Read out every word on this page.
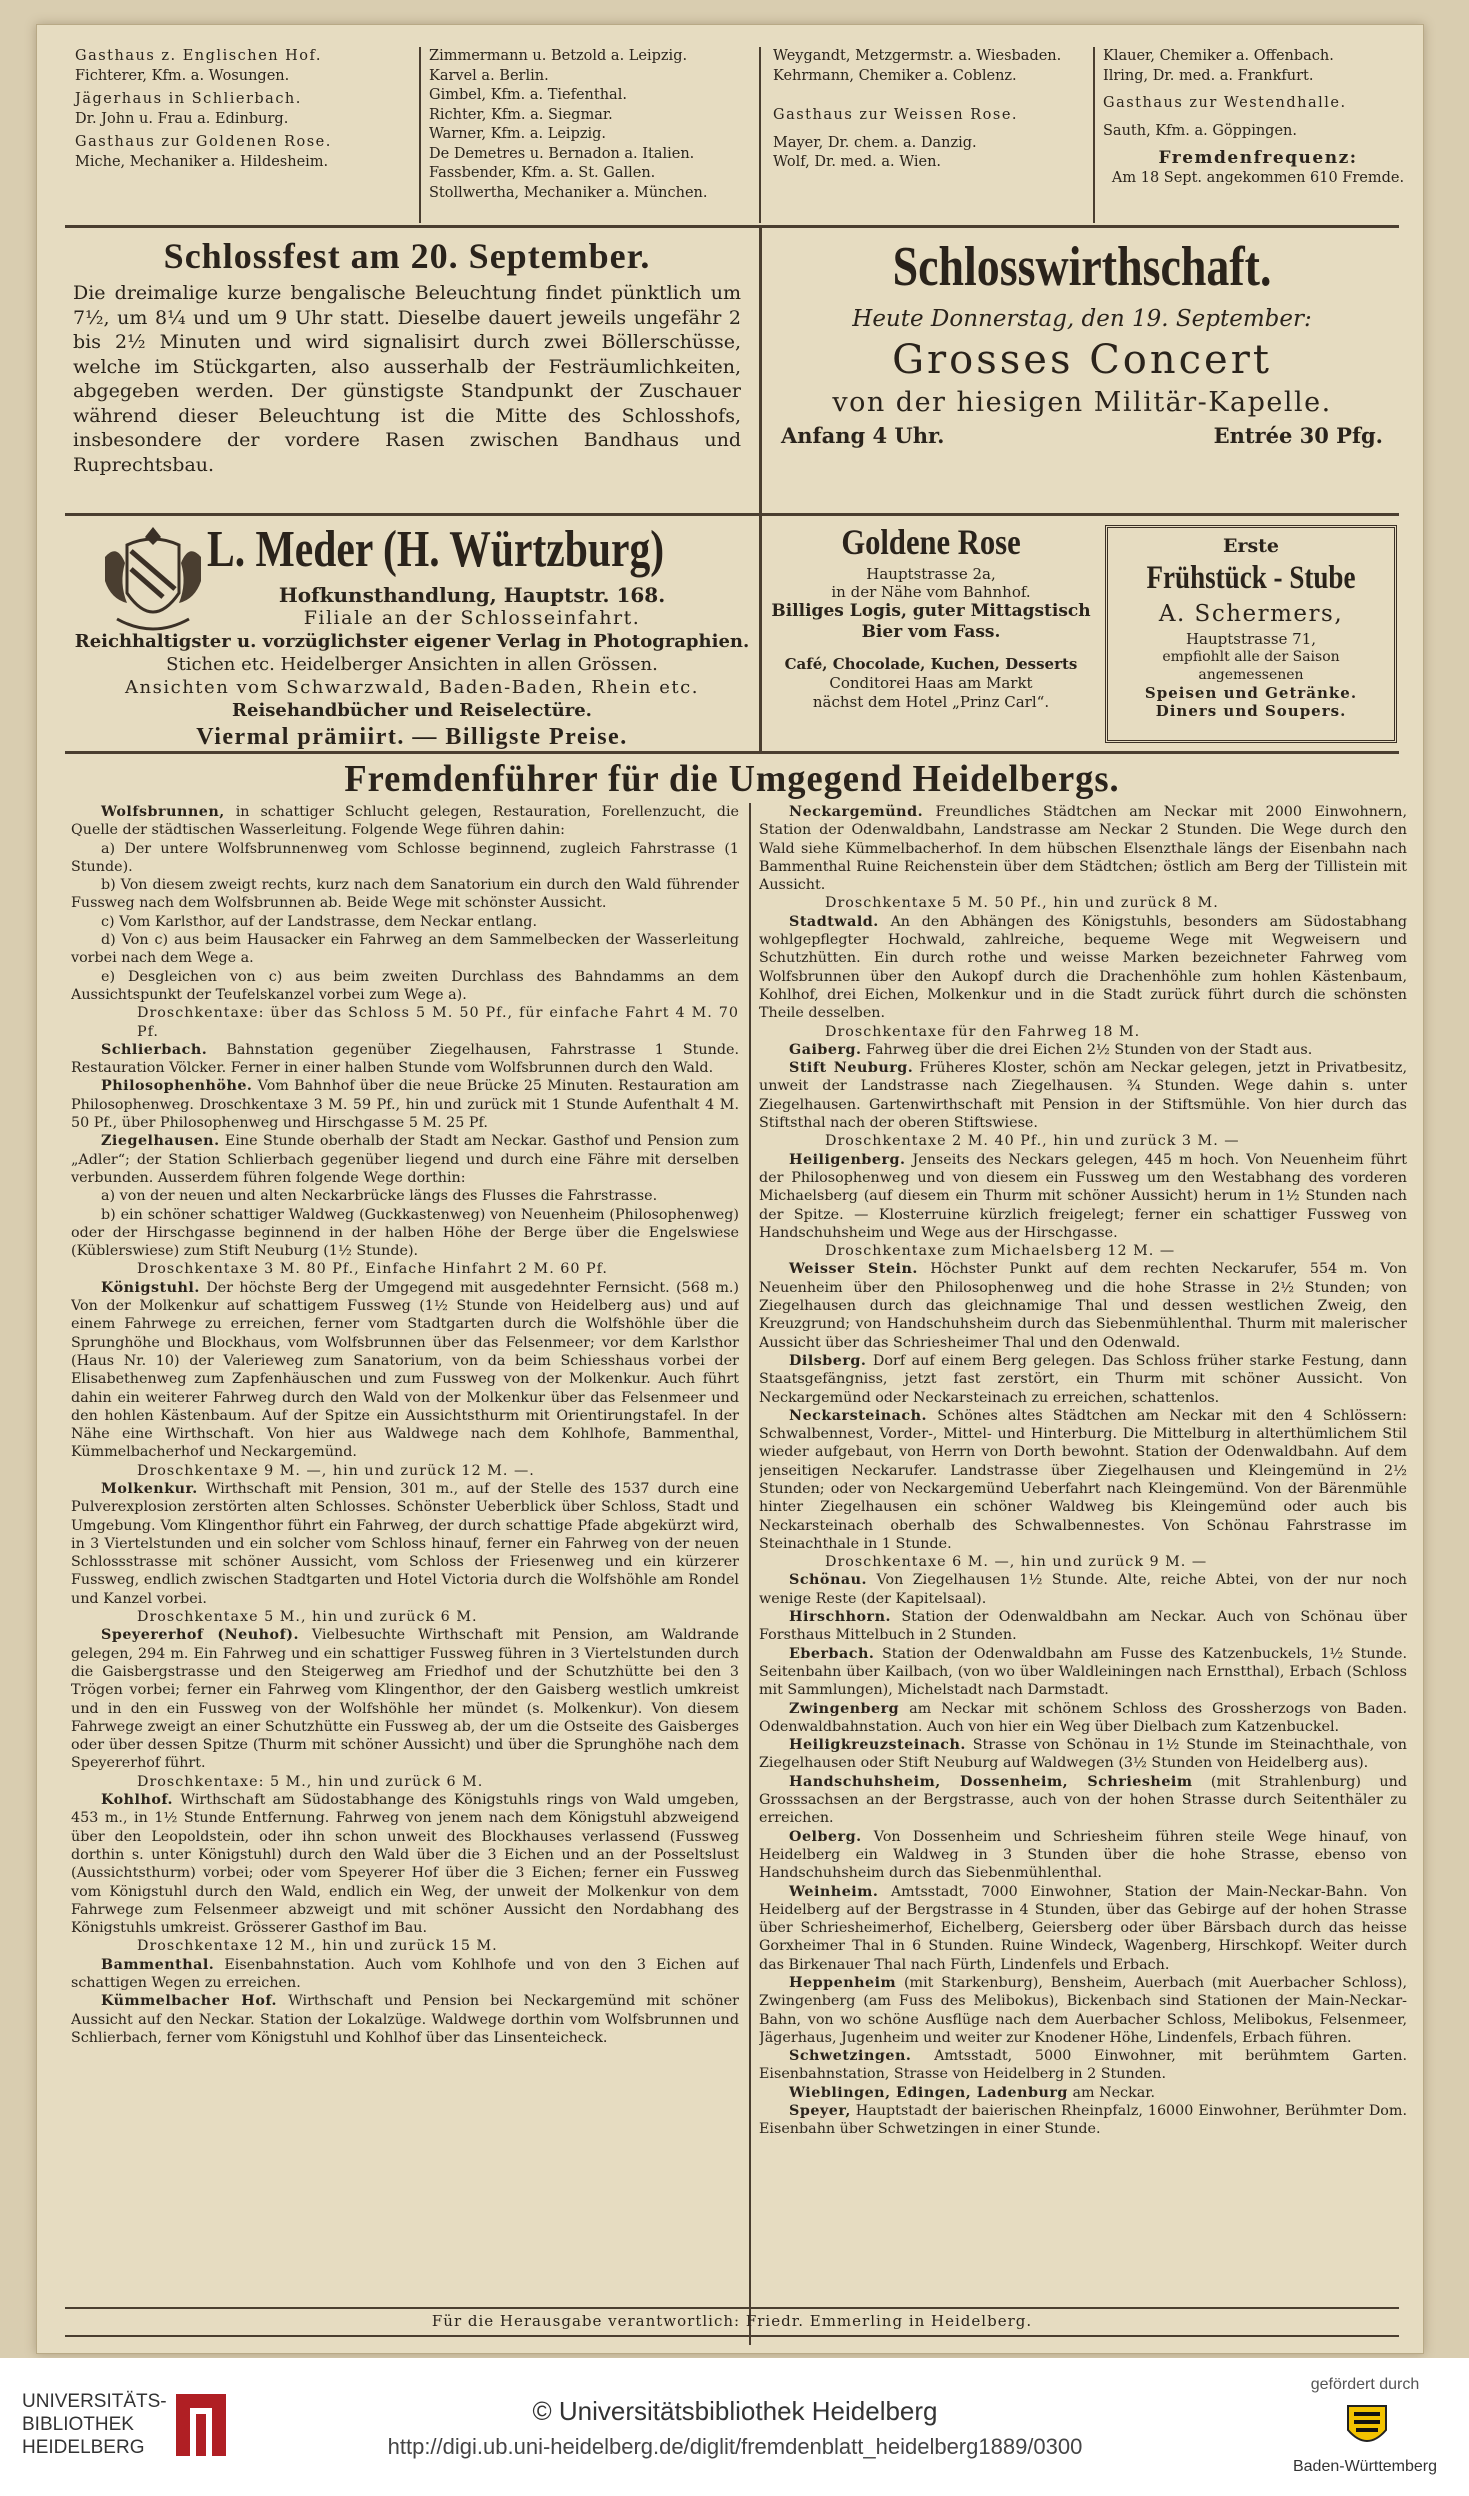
Gasthaus z. Englischen Hof.
Fichterer, Kfm. a. Wosungen.
Jägerhaus in Schlierbach.
Dr. John u. Frau a. Edinburg.
Gasthaus zur Goldenen Rose.
Miche, Mechaniker a. Hildesheim.
Zimmermann u. Betzold a. Leipzig.
Karvel a. Berlin.
Gimbel, Kfm. a. Tiefenthal.
Richter, Kfm. a. Siegmar.
Warner, Kfm. a. Leipzig.
De Demetres u. Bernadon a. Italien.
Fassbender, Kfm. a. St. Gallen.
Stollwertha, Mechaniker a. München.
Weygandt, Metzgermstr. a. Wiesbaden.
Kehrmann, Chemiker a. Coblenz.
Gasthaus zur Weissen Rose.
Mayer, Dr. chem. a. Danzig.
Wolf, Dr. med. a. Wien.
Klauer, Chemiker a. Offenbach.
Ilring, Dr. med. a. Frankfurt.
Gasthaus zur Westendhalle.
Sauth, Kfm. a. Göppingen.
Fremdenfrequenz:
Am 18 Sept. angekommen 610 Fremde.
Schlossfest am 20. September.
Die dreimalige kurze bengalische Beleuchtung findet pünktlich um 7½, um 8¼ und um 9 Uhr statt. Dieselbe dauert jeweils ungefähr 2 bis 2½ Minuten und wird signalisirt durch zwei Böllerschüsse, welche im Stückgarten, also ausserhalb der Festräumlichkeiten, abgegeben werden. Der günstigste Standpunkt der Zuschauer während dieser Beleuchtung ist die Mitte des Schlosshofs, insbesondere der vordere Rasen zwischen Bandhaus und Ruprechtsbau.
Schlosswirthschaft.
Heute Donnerstag, den 19. September:
Grosses Concert
von der hiesigen Militär-Kapelle.
Anfang 4 Uhr.	Entrée 30 Pfg.
L. Meder (H. Würtzburg)
Hofkunsthandlung, Hauptstr. 168.
Filiale an der Schlosseinfahrt.
Reichhaltigster u. vorzüglichster eigener Verlag in Photographien.
Stichen etc. Heidelberger Ansichten in allen Grössen.
Ansichten vom Schwarzwald, Baden-Baden, Rhein etc.
Reisehandbücher und Reiselectüre.
Viermal prämiirt. — Billigste Preise.
Goldene Rose
Hauptstrasse 2a,
in der Nähe vom Bahnhof.
Billiges Logis, guter Mittagstisch
Bier vom Fass.
Café, Chocolade, Kuchen, Desserts
Conditorei Haas am Markt
nächst dem Hotel „Prinz Carl“.
Erste
Frühstück - Stube
A. Schermers,
Hauptstrasse 71,
empfiohlt alle der Saison angemessenen
Speisen und Getränke.
Diners und Soupers.
Fremdenführer für die Umgegend Heidelbergs.

Wolfsbrunnen, in schattiger Schlucht gelegen, Restauration, Forellenzucht, die Quelle der städtischen Wasserleitung. Folgende Wege führen dahin:

a) Der untere Wolfsbrunnenweg vom Schlosse beginnend, zugleich Fahrstrasse (1 Stunde).

b) Von diesem zweigt rechts, kurz nach dem Sanatorium ein durch den Wald führender Fussweg nach dem Wolfsbrunnen ab. Beide Wege mit schönster Aussicht.

c) Vom Karlsthor, auf der Landstrasse, dem Neckar entlang.

d) Von c) aus beim Hausacker ein Fahrweg an dem Sammelbecken der Wasserleitung vorbei nach dem Wege a.

e) Desgleichen von c) aus beim zweiten Durchlass des Bahndamms an dem Aussichtspunkt der Teufelskanzel vorbei zum Wege a).

Droschkentaxe: über das Schloss 5 M. 50 Pf., für einfache Fahrt 4 M. 70 Pf.

Schlierbach. Bahnstation gegenüber Ziegelhausen, Fahrstrasse 1 Stunde. Restauration Völcker. Ferner in einer halben Stunde vom Wolfsbrunnen durch den Wald.

Philosophenhöhe. Vom Bahnhof über die neue Brücke 25 Minuten. Restauration am Philosophenweg. Droschkentaxe 3 M. 59 Pf., hin und zurück mit 1 Stunde Aufenthalt 4 M. 50 Pf., über Philosophenweg und Hirschgasse 5 M. 25 Pf.

Ziegelhausen. Eine Stunde oberhalb der Stadt am Neckar. Gasthof und Pension zum „Adler“; der Station Schlierbach gegenüber liegend und durch eine Fähre mit derselben verbunden. Ausserdem führen folgende Wege dorthin:

a) von der neuen und alten Neckarbrücke längs des Flusses die Fahrstrasse.

b) ein schöner schattiger Waldweg (Guckkastenweg) von Neuenheim (Philosophenweg) oder der Hirschgasse beginnend in der halben Höhe der Berge über die Engelswiese (Küblerswiese) zum Stift Neuburg (1½ Stunde).

Droschkentaxe 3 M. 80 Pf., Einfache Hinfahrt 2 M. 60 Pf.

Königstuhl. Der höchste Berg der Umgegend mit ausgedehnter Fernsicht. (568 m.) Von der Molkenkur auf schattigem Fussweg (1½ Stunde von Heidelberg aus) und auf einem Fahrwege zu erreichen, ferner vom Stadtgarten durch die Wolfshöhle über die Sprunghöhe und Blockhaus, vom Wolfsbrunnen über das Felsenmeer; vor dem Karlsthor (Haus Nr. 10) der Valerieweg zum Sanatorium, von da beim Schiesshaus vorbei der Elisabethenweg zum Zapfenhäuschen und zum Fussweg von der Molkenkur. Auch führt dahin ein weiterer Fahrweg durch den Wald von der Molkenkur über das Felsenmeer und den hohlen Kästenbaum. Auf der Spitze ein Aussichtsthurm mit Orientirungstafel. In der Nähe eine Wirthschaft. Von hier aus Waldwege nach dem Kohlhofe, Bammenthal, Kümmelbacherhof und Neckargemünd.

Droschkentaxe 9 M. —, hin und zurück 12 M. —.

Molkenkur. Wirthschaft mit Pension, 301 m., auf der Stelle des 1537 durch eine Pulverexplosion zerstörten alten Schlosses. Schönster Ueberblick über Schloss, Stadt und Umgebung. Vom Klingenthor führt ein Fahrweg, der durch schattige Pfade abgekürzt wird, in 3 Viertelstunden und ein solcher vom Schloss hinauf, ferner ein Fahrweg von der neuen Schlossstrasse mit schöner Aussicht, vom Schloss der Friesenweg und ein kürzerer Fussweg, endlich zwischen Stadtgarten und Hotel Victoria durch die Wolfshöhle am Rondel und Kanzel vorbei.

Droschkentaxe 5 M., hin und zurück 6 M.

Speyererhof (Neuhof). Vielbesuchte Wirthschaft mit Pension, am Waldrande gelegen, 294 m. Ein Fahrweg und ein schattiger Fussweg führen in 3 Viertelstunden durch die Gaisbergstrasse und den Steigerweg am Friedhof und der Schutzhütte bei den 3 Trögen vorbei; ferner ein Fahrweg vom Klingenthor, der den Gaisberg westlich umkreist und in den ein Fussweg von der Wolfshöhle her mündet (s. Molkenkur). Von diesem Fahrwege zweigt an einer Schutzhütte ein Fussweg ab, der um die Ostseite des Gaisberges oder über dessen Spitze (Thurm mit schöner Aussicht) und über die Sprunghöhe nach dem Speyererhof führt.

Droschkentaxe: 5 M., hin und zurück 6 M.

Kohlhof. Wirthschaft am Südostabhange des Königstuhls rings von Wald umgeben, 453 m., in 1½ Stunde Entfernung. Fahrweg von jenem nach dem Königstuhl abzweigend über den Leopoldstein, oder ihn schon unweit des Blockhauses verlassend (Fussweg dorthin s. unter Königstuhl) durch den Wald über die 3 Eichen und an der Posseltslust (Aussichtsthurm) vorbei; oder vom Speyerer Hof über die 3 Eichen; ferner ein Fussweg vom Königstuhl durch den Wald, endlich ein Weg, der unweit der Molkenkur von dem Fahrwege zum Felsenmeer abzweigt und mit schöner Aussicht den Nordabhang des Königstuhls umkreist. Grösserer Gasthof im Bau.

Droschkentaxe 12 M., hin und zurück 15 M.

Bammenthal. Eisenbahnstation. Auch vom Kohlhofe und von den 3 Eichen auf schattigen Wegen zu erreichen.

Kümmelbacher Hof. Wirthschaft und Pension bei Neckargemünd mit schöner Aussicht auf den Neckar. Station der Lokalzüge. Waldwege dorthin vom Wolfsbrunnen und Schlierbach, ferner vom Königstuhl und Kohlhof über das Linsenteicheck.

Neckargemünd. Freundliches Städtchen am Neckar mit 2000 Einwohnern, Station der Odenwaldbahn, Landstrasse am Neckar 2 Stunden. Die Wege durch den Wald siehe Kümmelbacherhof. In dem hübschen Elsenzthale längs der Eisenbahn nach Bammenthal Ruine Reichenstein über dem Städtchen; östlich am Berg der Tillistein mit Aussicht.

Droschkentaxe 5 M. 50 Pf., hin und zurück 8 M.

Stadtwald. An den Abhängen des Königstuhls, besonders am Südostabhang wohlgepflegter Hochwald, zahlreiche, bequeme Wege mit Wegweisern und Schutzhütten. Ein durch rothe und weisse Marken bezeichneter Fahrweg vom Wolfsbrunnen über den Aukopf durch die Drachenhöhle zum hohlen Kästenbaum, Kohlhof, drei Eichen, Molkenkur und in die Stadt zurück führt durch die schönsten Theile desselben.

Droschkentaxe für den Fahrweg 18 M.

Gaiberg. Fahrweg über die drei Eichen 2½ Stunden von der Stadt aus.

Stift Neuburg. Früheres Kloster, schön am Neckar gelegen, jetzt in Privatbesitz, unweit der Landstrasse nach Ziegelhausen. ¾ Stunden. Wege dahin s. unter Ziegelhausen. Gartenwirthschaft mit Pension in der Stiftsmühle. Von hier durch das Stiftsthal nach der oberen Stiftswiese.

Droschkentaxe 2 M. 40 Pf., hin und zurück 3 M. —

Heiligenberg. Jenseits des Neckars gelegen, 445 m hoch. Von Neuenheim führt der Philosophenweg und von diesem ein Fussweg um den Westabhang des vorderen Michaelsberg (auf diesem ein Thurm mit schöner Aussicht) herum in 1½ Stunden nach der Spitze. — Klosterruine kürzlich freigelegt; ferner ein schattiger Fussweg von Handschuhsheim und Wege aus der Hirschgasse.

Droschkentaxe zum Michaelsberg 12 M. —

Weisser Stein. Höchster Punkt auf dem rechten Neckarufer, 554 m. Von Neuenheim über den Philosophenweg und die hohe Strasse in 2½ Stunden; von Ziegelhausen durch das gleichnamige Thal und dessen westlichen Zweig, den Kreuzgrund; von Handschuhsheim durch das Siebenmühlenthal. Thurm mit malerischer Aussicht über das Schriesheimer Thal und den Odenwald.

Dilsberg. Dorf auf einem Berg gelegen. Das Schloss früher starke Festung, dann Staatsgefängniss, jetzt fast zerstört, ein Thurm mit schöner Aussicht. Von Neckargemünd oder Neckarsteinach zu erreichen, schattenlos.

Neckarsteinach. Schönes altes Städtchen am Neckar mit den 4 Schlössern: Schwalbennest, Vorder-, Mittel- und Hinterburg. Die Mittelburg in alterthümlichem Stil wieder aufgebaut, von Herrn von Dorth bewohnt. Station der Odenwaldbahn. Auf dem jenseitigen Neckarufer. Landstrasse über Ziegelhausen und Kleingemünd in 2½ Stunden; oder von Neckargemünd Ueberfahrt nach Kleingemünd. Von der Bärenmühle hinter Ziegelhausen ein schöner Waldweg bis Kleingemünd oder auch bis Neckarsteinach oberhalb des Schwalbennestes. Von Schönau Fahrstrasse im Steinachthale in 1 Stunde.

Droschkentaxe 6 M. —, hin und zurück 9 M. —

Schönau. Von Ziegelhausen 1½ Stunde. Alte, reiche Abtei, von der nur noch wenige Reste (der Kapitelsaal).

Hirschhorn. Station der Odenwaldbahn am Neckar. Auch von Schönau über Forsthaus Mittelbuch in 2 Stunden.

Eberbach. Station der Odenwaldbahn am Fusse des Katzenbuckels, 1½ Stunde. Seitenbahn über Kailbach, (von wo über Waldleiningen nach Ernstthal), Erbach (Schloss mit Sammlungen), Michelstadt nach Darmstadt.

Zwingenberg am Neckar mit schönem Schloss des Grossherzogs von Baden. Odenwaldbahnstation. Auch von hier ein Weg über Dielbach zum Katzenbuckel.

Heiligkreuzsteinach. Strasse von Schönau in 1½ Stunde im Steinachthale, von Ziegelhausen oder Stift Neuburg auf Waldwegen (3½ Stunden von Heidelberg aus).

Handschuhsheim, Dossenheim, Schriesheim (mit Strahlenburg) und Grosssachsen an der Bergstrasse, auch von der hohen Strasse durch Seitenthäler zu erreichen.

Oelberg. Von Dossenheim und Schriesheim führen steile Wege hinauf, von Heidelberg ein Waldweg in 3 Stunden über die hohe Strasse, ebenso von Handschuhsheim durch das Siebenmühlenthal.

Weinheim. Amtsstadt, 7000 Einwohner, Station der Main-Neckar-Bahn. Von Heidelberg auf der Bergstrasse in 4 Stunden, über das Gebirge auf der hohen Strasse über Schriesheimerhof, Eichelberg, Geiersberg oder über Bärsbach durch das heisse Gorxheimer Thal in 6 Stunden. Ruine Windeck, Wagenberg, Hirschkopf. Weiter durch das Birkenauer Thal nach Fürth, Lindenfels und Erbach.

Heppenheim (mit Starkenburg), Bensheim, Auerbach (mit Auerbacher Schloss), Zwingenberg (am Fuss des Melibokus), Bickenbach sind Stationen der Main-Neckar-Bahn, von wo schöne Ausflüge nach dem Auerbacher Schloss, Melibokus, Felsenmeer, Jägerhaus, Jugenheim und weiter zur Knodener Höhe, Lindenfels, Erbach führen.

Schwetzingen. Amtsstadt, 5000 Einwohner, mit berühmtem Garten. Eisenbahnstation, Strasse von Heidelberg in 2 Stunden.

Wieblingen, Edingen, Ladenburg am Neckar.

Speyer, Hauptstadt der baierischen Rheinpfalz, 16000 Einwohner, Berühmter Dom. Eisenbahn über Schwetzingen in einer Stunde.

Für die Herausgabe verantwortlich: Friedr. Emmerling in Heidelberg.
UNIVERSITÄTS-
BIBLIOTHEK
HEIDELBERG
© Universitätsbibliothek Heidelberg
http://digi.ub.uni-heidelberg.de/diglit/fremdenblatt_heidelberg1889/0300
gefördert durch
Baden-Württemberg
